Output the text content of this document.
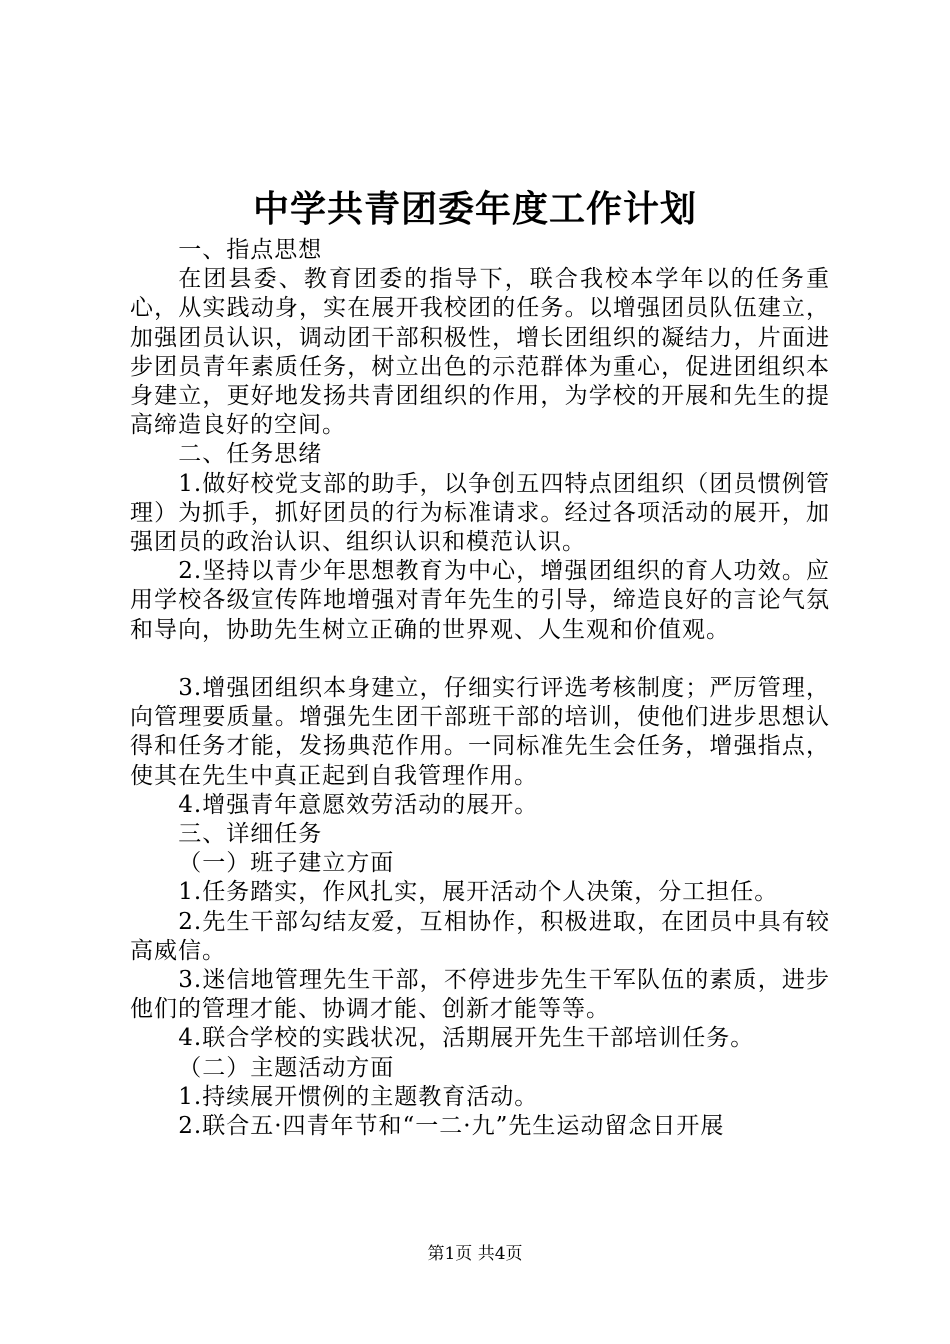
中学共青团委年度工作计划

一、指点思想

在团县委、教育团委的指导下，联合我校本学年以的任务重心，从实践动身，实在展开我校团的任务。以增强团员队伍建立，加强团员认识，调动团干部积极性，增长团组织的凝结力，片面进步团员青年素质任务，树立出色的示范群体为重心，促进团组织本身建立，更好地发扬共青团组织的作用，为学校的开展和先生的提高缔造良好的空间。

二、任务思绪

1.做好校党支部的助手，以争创五四特点团组织（团员惯例管理）为抓手，抓好团员的行为标准请求。经过各项活动的展开，加强团员的政治认识、组织认识和模范认识。

2.坚持以青少年思想教育为中心，增强团组织的育人功效。应用学校各级宣传阵地增强对青年先生的引导，缔造良好的言论气氛和导向，协助先生树立正确的世界观、人生观和价值观。

3.增强团组织本身建立，仔细实行评选考核制度；严厉管理，向管理要质量。增强先生团干部班干部的培训，使他们进步思想认得和任务才能，发扬典范作用。一同标准先生会任务，增强指点，使其在先生中真正起到自我管理作用。

4.增强青年意愿效劳活动的展开。

三、详细任务

（一）班子建立方面

1.任务踏实，作风扎实，展开活动个人决策，分工担任。

2.先生干部勾结友爱，互相协作，积极进取，在团员中具有较高威信。

3.迷信地管理先生干部，不停进步先生干军队伍的素质，进步他们的管理才能、协调才能、创新才能等等。

4.联合学校的实践状况，活期展开先生干部培训任务。

（二）主题活动方面

1.持续展开惯例的主题教育活动。

2.联合五·四青年节和“一二·九”先生运动留念日开展

第1页 共4页
